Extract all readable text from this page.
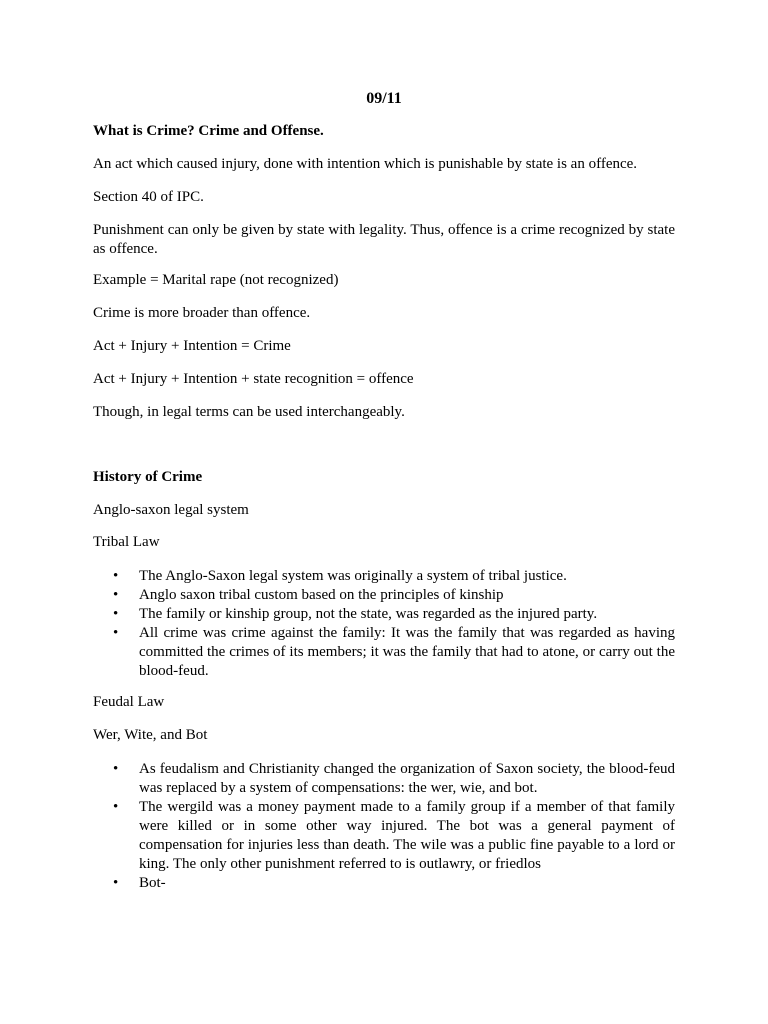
09/11

What is Crime? Crime and Offense.

An act which caused injury, done with intention which is punishable by state is an offence.

Section 40 of IPC.

Punishment can only be given by state with legality. Thus, offence is a crime recognized by state as offence.

Example = Marital rape (not recognized)

Crime is more broader than offence.

Act + Injury + Intention = Crime

Act + Injury + Intention + state recognition = offence

Though, in legal terms can be used interchangeably.

History of Crime

Anglo-saxon legal system

Tribal Law

•	The Anglo-Saxon legal system was originally a system of tribal justice.
•	Anglo saxon tribal custom based on the principles of kinship
•	The family or kinship group, not the state, was regarded as the injured party.
•	All crime was crime against the family: It was the family that was regarded as having committed the crimes of its members; it was the family that had to atone, or carry out the blood-feud.

Feudal Law

Wer, Wite, and Bot

•	As feudalism and Christianity changed the organization of Saxon society, the blood-feud was replaced by a system of compensations: the wer, wie, and bot.
•	The wergild was a money payment made to a family group if a member of that family were killed or in some other way injured. The bot was a general payment of compensation for injuries less than death. The wile was a public fine payable to a lord or king. The only other punishment referred to is outlawry, or friedlos
•	Bot-
